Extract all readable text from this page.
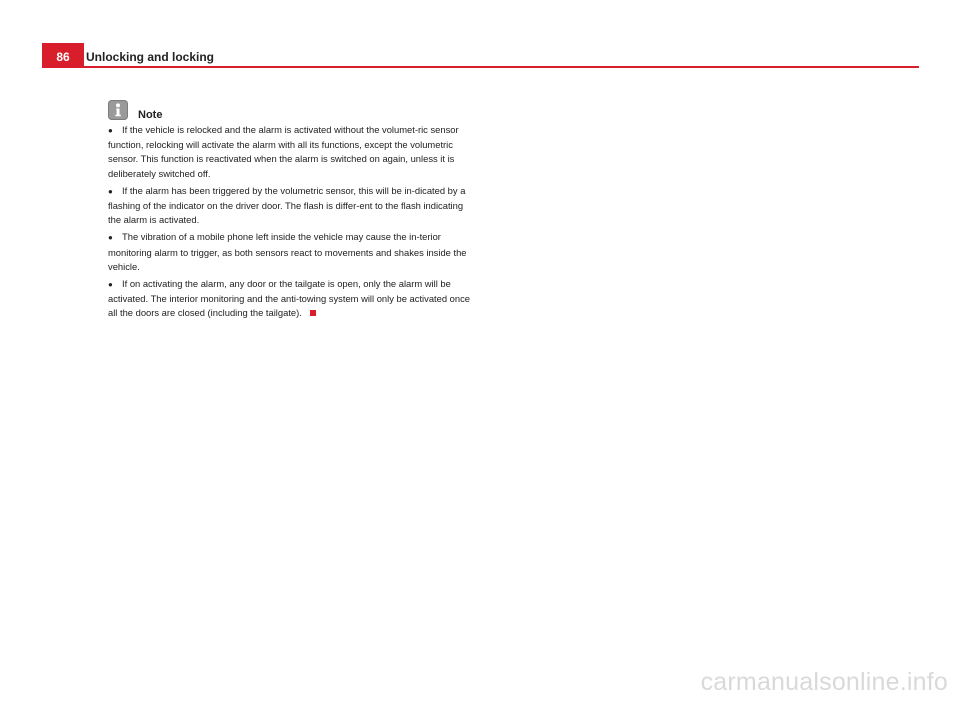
86	Unlocking and locking
Note
● If the vehicle is relocked and the alarm is activated without the volumet-ric sensor function, relocking will activate the alarm with all its functions, except the volumetric sensor. This function is reactivated when the alarm is switched on again, unless it is deliberately switched off.
● If the alarm has been triggered by the volumetric sensor, this will be in-dicated by a flashing of the indicator on the driver door. The flash is differ-ent to the flash indicating the alarm is activated.
● The vibration of a mobile phone left inside the vehicle may cause the in-terior monitoring alarm to trigger, as both sensors react to movements and shakes inside the vehicle.
● If on activating the alarm, any door or the tailgate is open, only the alarm will be activated. The interior monitoring and the anti-towing system will only be activated once all the doors are closed (including the tailgate).
carmanualsonline.info
